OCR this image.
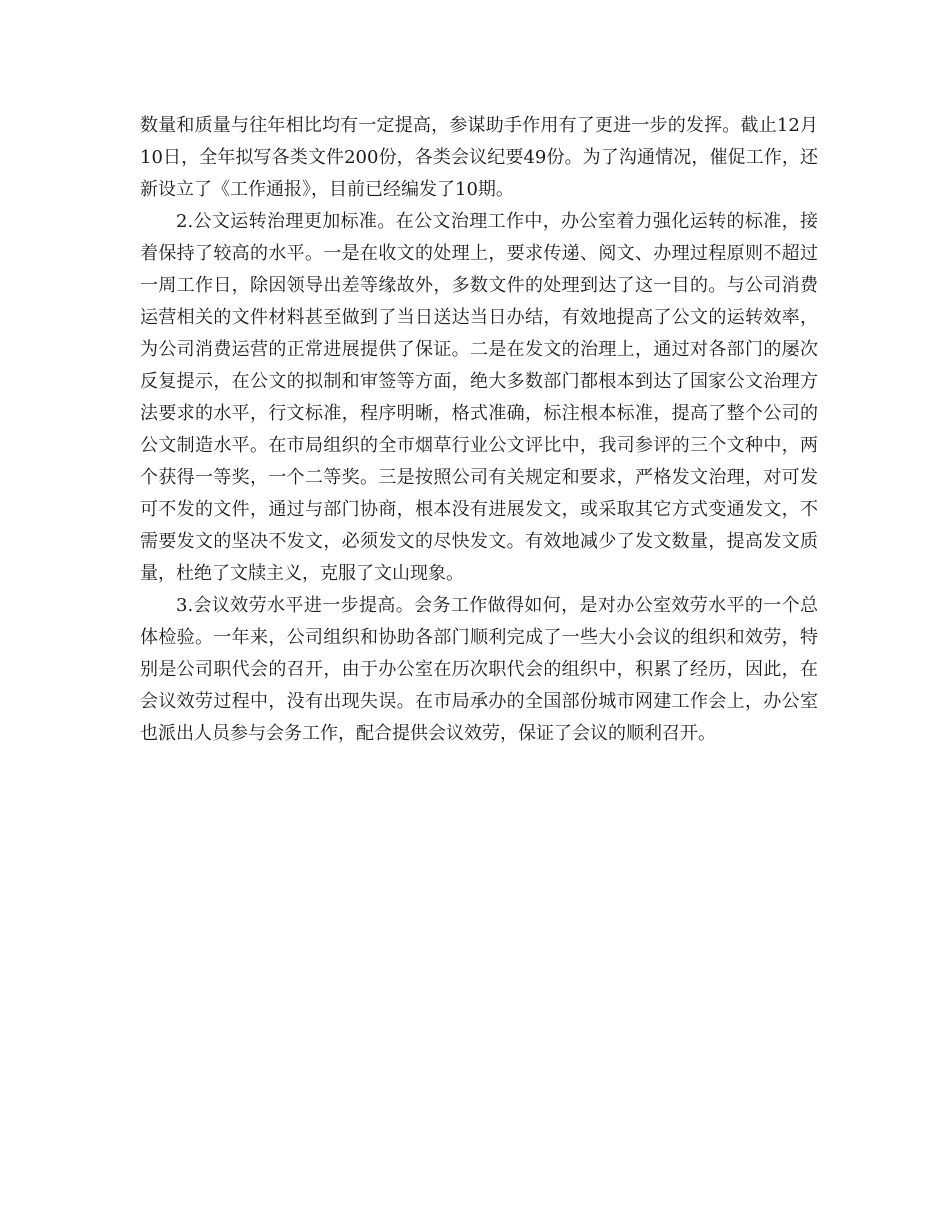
数量和质量与往年相比均有一定提高，参谋助手作用有了更进一步的发挥。截止12月10日，全年拟写各类文件200份，各类会议纪要49份。为了沟通情况，催促工作，还新设立了《工作通报》，目前已经编发了10期。

2.公文运转治理更加标准。在公文治理工作中，办公室着力强化运转的标准，接着保持了较高的水平。一是在收文的处理上，要求传递、阅文、办理过程原则不超过一周工作日，除因领导出差等缘故外，多数文件的处理到达了这一目的。与公司消费运营相关的文件材料甚至做到了当日送达当日办结，有效地提高了公文的运转效率，为公司消费运营的正常进展提供了保证。二是在发文的治理上，通过对各部门的屡次反复提示，在公文的拟制和审签等方面，绝大多数部门都根本到达了国家公文治理方法要求的水平，行文标准，程序明晰，格式准确，标注根本标准，提高了整个公司的公文制造水平。在市局组织的全市烟草行业公文评比中，我司参评的三个文种中，两个获得一等奖，一个二等奖。三是按照公司有关规定和要求，严格发文治理，对可发可不发的文件，通过与部门协商，根本没有进展发文，或采取其它方式变通发文，不需要发文的坚决不发文，必须发文的尽快发文。有效地减少了发文数量，提高发文质量，杜绝了文牍主义，克服了文山现象。

3.会议效劳水平进一步提高。会务工作做得如何，是对办公室效劳水平的一个总体检验。一年来，公司组织和协助各部门顺利完成了一些大小会议的组织和效劳，特别是公司职代会的召开，由于办公室在历次职代会的组织中，积累了经历，因此，在会议效劳过程中，没有出现失误。在市局承办的全国部份城市网建工作会上，办公室也派出人员参与会务工作，配合提供会议效劳，保证了会议的顺利召开。
